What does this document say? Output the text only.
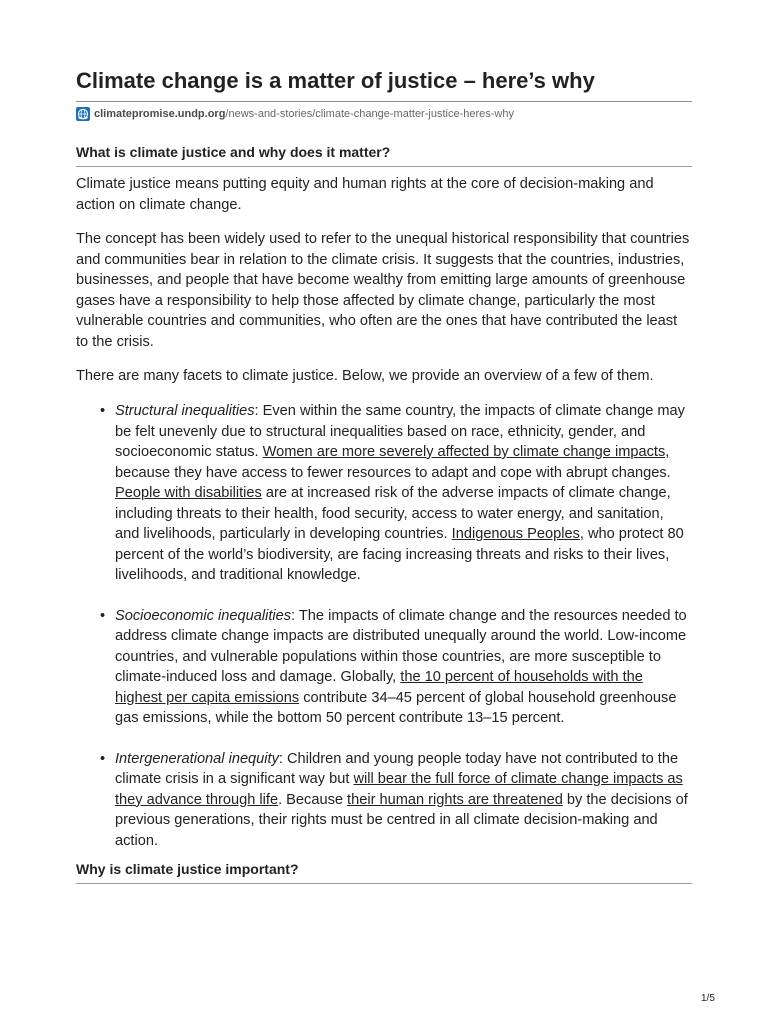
Climate change is a matter of justice – here’s why
climatepromise.undp.org /news-and-stories/climate-change-matter-justice-heres-why
What is climate justice and why does it matter?

Climate justice means putting equity and human rights at the core of decision-making and action on climate change.

The concept has been widely used to refer to the unequal historical responsibility that countries and communities bear in relation to the climate crisis. It suggests that the countries, industries, businesses, and people that have become wealthy from emitting large amounts of greenhouse gases have a responsibility to help those affected by climate change, particularly the most vulnerable countries and communities, who often are the ones that have contributed the least to the crisis.

There are many facets to climate justice. Below, we provide an overview of a few of them.

• Structural inequalities: Even within the same country, the impacts of climate change may be felt unevenly due to structural inequalities based on race, ethnicity, gender, and socioeconomic status. Women are more severely affected by climate change impacts, because they have access to fewer resources to adapt and cope with abrupt changes. People with disabilities are at increased risk of the adverse impacts of climate change, including threats to their health, food security, access to water energy, and sanitation, and livelihoods, particularly in developing countries. Indigenous Peoples, who protect 80 percent of the world’s biodiversity, are facing increasing threats and risks to their lives, livelihoods, and traditional knowledge.
• Socioeconomic inequalities: The impacts of climate change and the resources needed to address climate change impacts are distributed unequally around the world. Low-income countries, and vulnerable populations within those countries, are more susceptible to climate-induced loss and damage. Globally, the 10 percent of households with the highest per capita emissions contribute 34–45 percent of global household greenhouse gas emissions, while the bottom 50 percent contribute 13–15 percent.
• Intergenerational inequity: Children and young people today have not contributed to the climate crisis in a significant way but will bear the full force of climate change impacts as they advance through life. Because their human rights are threatened by the decisions of previous generations, their rights must be centred in all climate decision-making and action.
Why is climate justice important?
1/5
